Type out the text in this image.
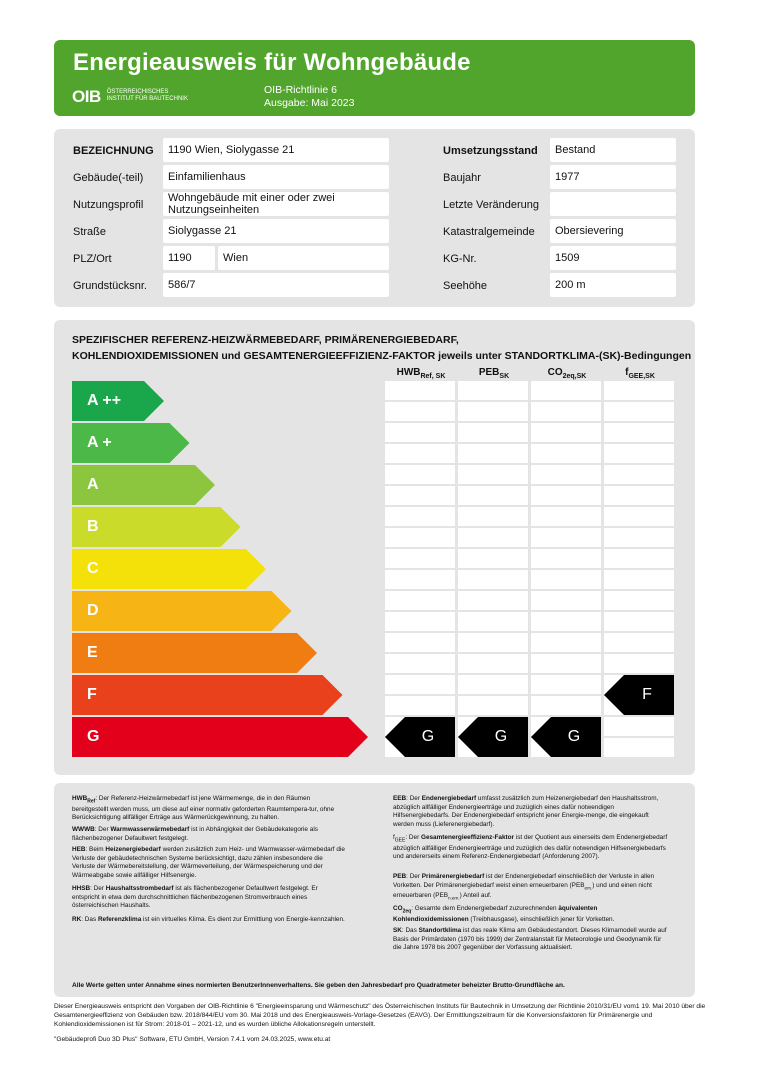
Energieausweis für Wohngebäude
OIB ÖSTERREICHISCHES
INSTITUT FÜR BAUTECHNIK
OIB-Richtlinie 6
Ausgabe: Mai 2023
BEZEICHNUNG	1190 Wien, Siolygasse 21
Gebäude(-teil)	Einfamilienhaus
Nutzungsprofil
Wohngebäude mit einer oder zwei
Nutzungseinheiten
Straße	Siolygasse 21
PLZ/Ort	1190	Wien
Grundstücksnr.	586/7
Umsetzungsstand	Bestand
Baujahr	1977
Letzte Veränderung
Katastralgemeinde	Obersievering
KG-Nr.	1509
Seehöhe	200 m
SPEZIFISCHER REFERENZ-HEIZWÄRMEBEDARF, PRIMÄRENERGIEBEDARF,
KOHLENDIOXIDEMISSIONEN und GESAMTENERGIEEFFIZIENZ-FAKTOR jeweils unter STANDORTKLIMA-(SK)-Bedingungen
$HWB_{Ref, SK}$	$PEB_{SK}$	$CO_{2eq,SK}$	$f_{GEE,SK}$
A ++
A +
A
B
C
D
E
F
G	G	G	G
F
$HWB_{Ref}$: Der Referenz-Heizwärmebedarf ist jene Wärmemenge, die in den Räumen bereitgestellt werden muss, um diese auf einer normativ geforderten Raumtempera-tur, ohne Berücksichtigung allfälliger Erträge aus Wärmerückgewinnung, zu halten.
WWWB: Der Warmwasserwärmebedarf ist in Abhängigkeit der Gebäudekategorie als flächenbezogener Defaultwert festgelegt.
HEB: Beim Heizenergiebedarf werden zusätzlich zum Heiz- und Warmwasser-wärmebedarf die Verluste der gebäudetechnischen Systeme berücksichtigt, dazu zählen insbesondere die Verluste der Wärmebereitstellung, der Wärmeverteilung, der Wärmespeicherung und der Wärmeabgabe sowie allfälliger Hilfsenergie.
HHSB: Der Haushaltsstrombedarf ist als flächenbezogener Defaultwert festgelegt. Er entspricht in etwa dem durchschnittlichen flächenbezogenen Stromverbrauch eines österreichischen Haushalts.
RK: Das Referenzklima ist ein virtuelles Klima. Es dient zur Ermittlung von Energie-kennzahlen.
EEB: Der Endenergiebedarf umfasst zusätzlich zum Heizenergiebedarf den Haushaltsstrom, abzüglich allfälliger Endenergieerträge und zuzüglich eines dafür notwendigen Hilfsenergiebedarfs. Der Endenergiebedarf entspricht jener Energie-menge, die eingekauft werden muss (Lieferenergiebedarf).
$f_{GEE}$: Der Gesamtenergieeffizienz-Faktor ist der Quotient aus einerseits dem Endenergiebedarf abzüglich allfälliger Endenergieerträge und zuzüglich des dafür notwendigen Hilfsenergiebedarfs und andererseits einem Referenz-Endenergiebedarf (Anforderung 2007).
PEB: Der Primärenergiebedarf ist der Endenergiebedarf einschließlich der Verluste in allen Vorketten. Der Primärenergiebedarf weist einen erneuerbaren $(PEB_{ern.})$ und und einen nicht erneuerbaren $(PEB_{n.ern.})$ Anteil auf.
$CO_{2eq}$: Gesamte dem Endenergiebedarf zuzurechnenden äquivalenten Kohlendioxidemissionen (Treibhausgase), einschließlich jener für Vorketten.
SK: Das Standortklima ist das reale Klima am Gebäudestandort. Dieses Klimamodell wurde auf Basis der Primärdaten (1970 bis 1999) der Zentralanstalt für Meteorologie und Geodynamik für die Jahre 1978 bis 2007 gegenüber der Vorfassung aktualisiert.
Alle Werte gelten unter Annahme eines normierten BenutzerInnenverhaltens. Sie geben den Jahresbedarf pro Quadratmeter beheizter Brutto-Grundfläche an.
Dieser Energieausweis entspricht den Vorgaben der OIB-Richtlinie 6 "Energieeinsparung und Wärmeschutz" des Österreichischen Instituts für Bautechnik in Umsetzung der Richtlinie 2010/31/EU vom1 19. Mai 2010 über die Gesamtenergieeffizienz von Gebäuden bzw. 2018/844/EU vom 30. Mai 2018 und des Energieausweis-Vorlage-Gesetzes (EAVG). Der Ermittlungszeitraum für die Konversionsfaktoren für Primärenergie und Kohlendioxidemissionen ist für Strom: 2018-01 – 2021-12, und es wurden übliche Allokationsregeln unterstellt.
"Gebäudeprofi Duo 3D Plus" Software, ETU GmbH, Version 7.4.1 vom 24.03.2025, www.etu.at
